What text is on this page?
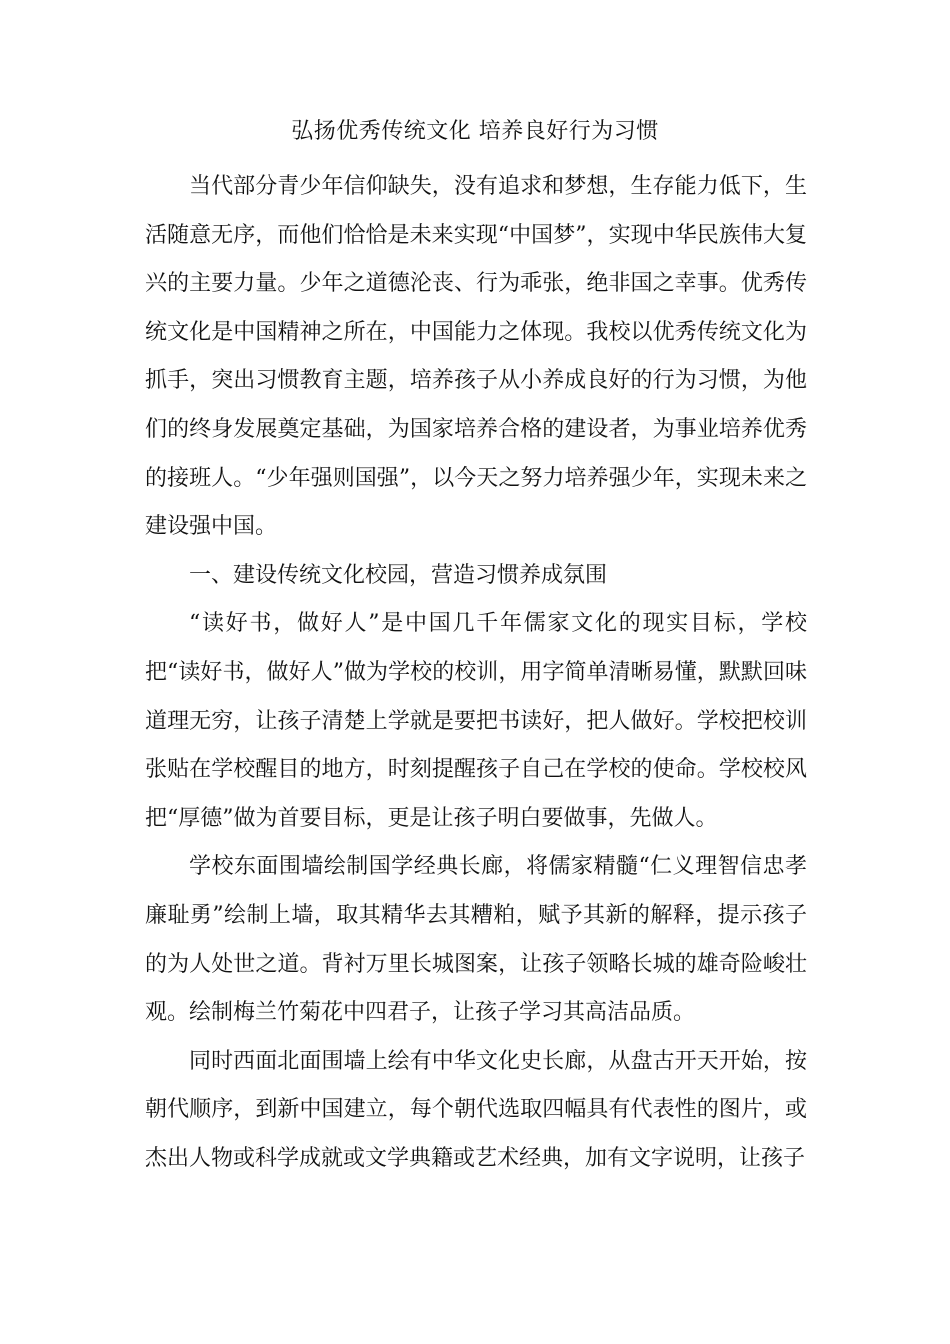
弘扬优秀传统文化 培养良好行为习惯

当代部分青少年信仰缺失，没有追求和梦想，生存能力低下，生活随意无序，而他们恰恰是未来实现“中国梦”，实现中华民族伟大复兴的主要力量。少年之道德沦丧、行为乖张，绝非国之幸事。优秀传统文化是中国精神之所在，中国能力之体现。我校以优秀传统文化为抓手，突出习惯教育主题，培养孩子从小养成良好的行为习惯，为他们的终身发展奠定基础，为国家培养合格的建设者，为事业培养优秀的接班人。“少年强则国强”，以今天之努力培养强少年，实现未来之建设强中国。

一、建设传统文化校园，营造习惯养成氛围

“读好书，做好人”是中国几千年儒家文化的现实目标，学校把“读好书，做好人”做为学校的校训，用字简单清晰易懂，默默回味道理无穷，让孩子清楚上学就是要把书读好，把人做好。学校把校训张贴在学校醒目的地方，时刻提醒孩子自己在学校的使命。学校校风把“厚德”做为首要目标，更是让孩子明白要做事，先做人。

学校东面围墙绘制国学经典长廊，将儒家精髓“仁义理智信忠孝廉耻勇”绘制上墙，取其精华去其糟粕，赋予其新的解释，提示孩子的为人处世之道。背衬万里长城图案，让孩子领略长城的雄奇险峻壮观。绘制梅兰竹菊花中四君子，让孩子学习其高洁品质。

同时西面北面围墙上绘有中华文化史长廊，从盘古开天开始，按朝代顺序，到新中国建立，每个朝代选取四幅具有代表性的图片，或杰出人物或科学成就或文学典籍或艺术经典，加有文字说明，让孩子
